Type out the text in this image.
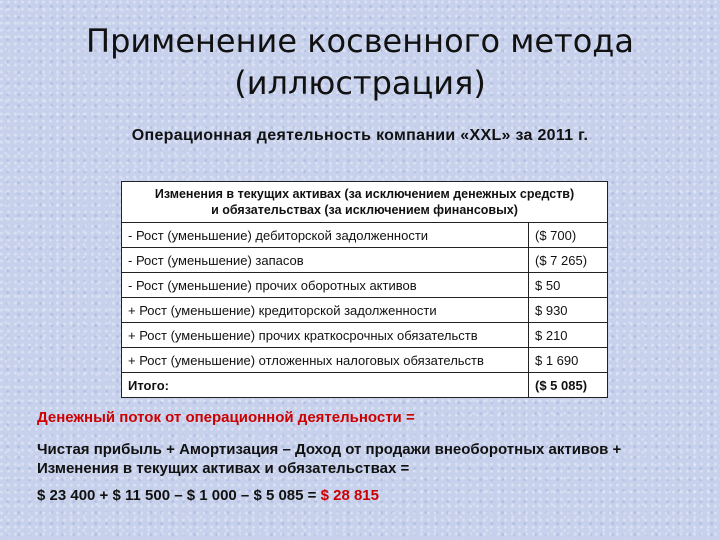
Применение косвенного метода
(иллюстрация)
Операционная деятельность компании «XXL» за 2011 г.
Изменения в текущих активах (за исключением денежных средств)
и обязательствах (за исключением финансовых)	
- Рост (уменьшение) дебиторской задолженности	($ 700)
- Рост (уменьшение) запасов	($ 7 265)
- Рост (уменьшение) прочих оборотных активов	$ 50
+ Рост (уменьшение) кредиторской задолженности	$ 930
+ Рост (уменьшение) прочих краткосрочных обязательств	$ 210
+ Рост (уменьшение) отложенных налоговых обязательств	$ 1 690
Итого:	($ 5 085)
Денежный поток от операционной деятельности =
Чистая прибыль + Амортизация – Доход от продажи внеоборотных активов +
Изменения в текущих активах и обязательствах =
$ 23 400 + $ 11 500 – $ 1 000 – $ 5 085 = $ 28 815
